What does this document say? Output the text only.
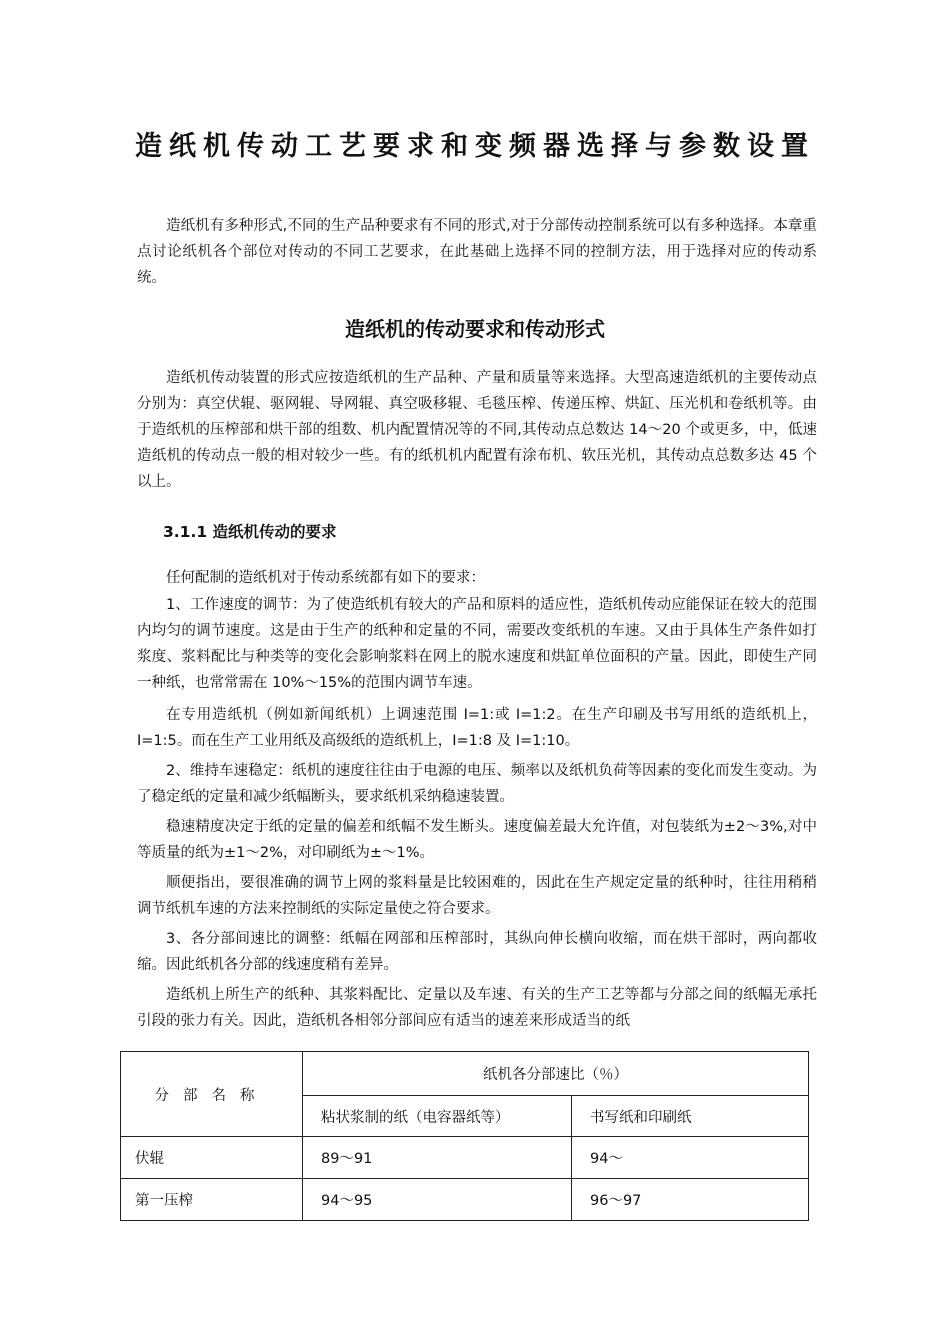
造纸机传动工艺要求和变频器选择与参数设置

造纸机有多种形式,不同的生产品种要求有不同的形式,对于分部传动控制系统可以有多种选择。本章重点讨论纸机各个部位对传动的不同工艺要求，在此基础上选择不同的控制方法，用于选择对应的传动系统。

造纸机的传动要求和传动形式

造纸机传动装置的形式应按造纸机的生产品种、产量和质量等来选择。大型高速造纸机的主要传动点分别为：真空伏辊、驱网辊、导网辊、真空吸移辊、毛毯压榨、传递压榨、烘缸、压光机和卷纸机等。由于造纸机的压榨部和烘干部的组数、机内配置情况等的不同,其传动点总数达 14～20 个或更多，中，低速造纸机的传动点一般的相对较少一些。有的纸机机内配置有涂布机、软压光机，其传动点总数多达 45 个以上。

3.1.1 造纸机传动的要求

任何配制的造纸机对于传动系统都有如下的要求：

1、工作速度的调节：为了使造纸机有较大的产品和原料的适应性，造纸机传动应能保证在较大的范围内均匀的调节速度。这是由于生产的纸种和定量的不同，需要改变纸机的车速。又由于具体生产条件如打浆度、浆料配比与种类等的变化会影响浆料在网上的脱水速度和烘缸单位面积的产量。因此，即使生产同一种纸，也常常需在 10%～15%的范围内调节车速。

在专用造纸机（例如新闻纸机）上调速范围 I=1:或 I=1:2。在生产印刷及书写用纸的造纸机上，I=1:5。而在生产工业用纸及高级纸的造纸机上，I=1:8 及 I=1:10。

2、维持车速稳定：纸机的速度往往由于电源的电压、频率以及纸机负荷等因素的变化而发生变动。为了稳定纸的定量和减少纸幅断头，要求纸机采纳稳速装置。

稳速精度决定于纸的定量的偏差和纸幅不发生断头。速度偏差最大允许值，对包装纸为±2～3%,对中等质量的纸为±1～2%，对印刷纸为±～1%。

顺便指出，要很准确的调节上网的浆料量是比较困难的，因此在生产规定定量的纸种时，往往用稍稍调节纸机车速的方法来控制纸的实际定量使之符合要求。

3、各分部间速比的调整：纸幅在网部和压榨部时，其纵向伸长横向收缩，而在烘干部时，两向都收缩。因此纸机各分部的线速度稍有差异。

造纸机上所生产的纸种、其浆料配比、定量以及车速、有关的生产工艺等都与分部之间的纸幅无承托引段的张力有关。因此，造纸机各相邻分部间应有适当的速差来形成适当的纸

分部名称	纸机各分部速比（％）	
	粘状浆制的纸（电容器纸等）	书写纸和印刷纸
伏辊	89～91	94～
第一压榨	94～95	96～97
